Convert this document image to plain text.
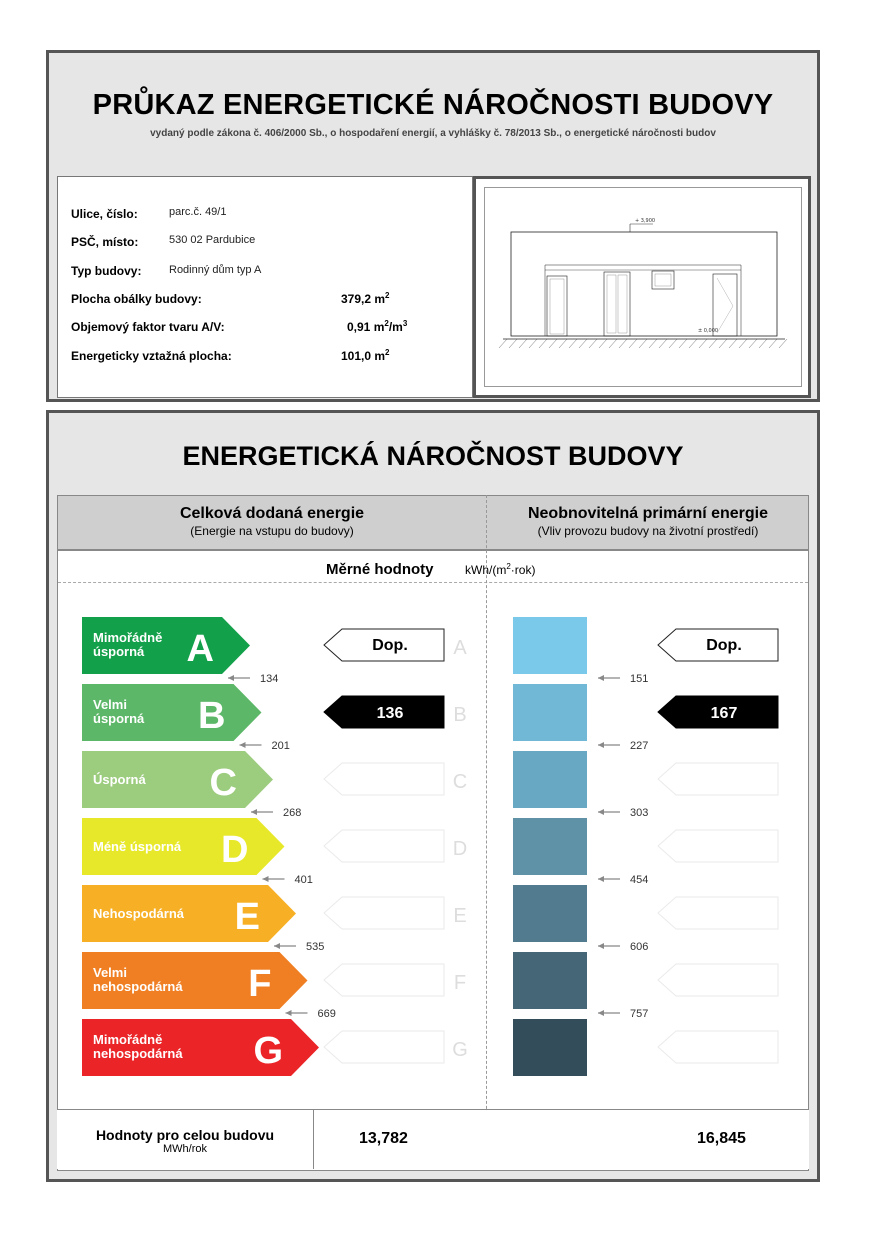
PRŮKAZ ENERGETICKÉ NÁROČNOSTI BUDOVY
vydaný podle zákona č. 406/2000 Sb., o hospodaření energií, a vyhlášky č. 78/2013 Sb., o energetické náročnosti budov
Ulice, číslo:	parc.č. 49/1
PSČ, místo:	530 02 Pardubice
Typ budovy:	Rodinný dům typ A
Plocha obálky budovy:	379,2 $m^2$
Objemový faktor tvaru A/V:	0,91 $m^2/m^3$
Energeticky vztažná plocha:	101,0 $m^2$
+ 3,900
± 0,000
ENERGETICKÁ NÁROČNOST BUDOVY
Celková dodaná energie
(Energie na vstupu do budovy)
Neobnovitelná primární energie
(Vliv provozu budovy na životní prostředí)
Měrné hodnoty	kWh/$(m^2\cdot rok)$
Mimořádně
úsporná A	A
Dop.	Dop.
134	151
Velmi
úsporná B	B
136	167
201	227
Úsporná C	C
268	303
Méně úsporná D	D
401	454
Nehospodárná E	E
535	606
Velmi
nehospodárná F	F
669	757
Mimořádně
nehospodárná G	G
Hodnoty pro celou budovu
MWh/rok
13,782	16,845
